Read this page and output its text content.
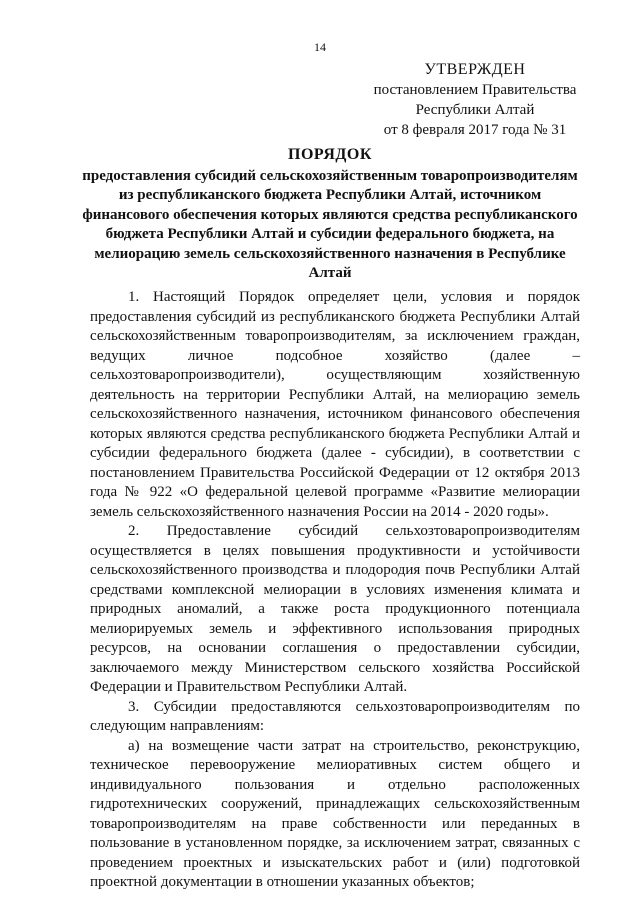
14
УТВЕРЖДЕН
постановлением Правительства
Республики Алтай
от 8 февраля 2017 года № 31
ПОРЯДОК
предоставления субсидий сельскохозяйственным товаропроизводителям из республиканского бюджета Республики Алтай, источником финансового обеспечения которых являются средства республиканского бюджета Республики Алтай и субсидии федерального бюджета, на мелиорацию земель сельскохозяйственного назначения в Республике Алтай

1. Настоящий Порядок определяет цели, условия и порядок предоставления субсидий из республиканского бюджета Республики Алтай сельскохозяйственным товаропроизводителям, за исключением граждан, ведущих личное подсобное хозяйство (далее – сельхозтоваропроизводители), осуществляющим хозяйственную деятельность на территории Республики Алтай, на мелиорацию земель сельскохозяйственного назначения, источником финансового обеспечения которых являются средства республиканского бюджета Республики Алтай и субсидии федерального бюджета (далее - субсидии), в соответствии с постановлением Правительства Российской Федерации от 12 октября 2013 года № 922 «О федеральной целевой программе «Развитие мелиорации земель сельскохозяйственного назначения России на 2014 - 2020 годы».

2. Предоставление субсидий сельхозтоваропроизводителям осуществляется в целях повышения продуктивности и устойчивости сельскохозяйственного производства и плодородия почв Республики Алтай средствами комплексной мелиорации в условиях изменения климата и природных аномалий, а также роста продукционного потенциала мелиорируемых земель и эффективного использования природных ресурсов, на основании соглашения о предоставлении субсидии, заключаемого между Министерством сельского хозяйства Российской Федерации и Правительством Республики Алтай.

3. Субсидии предоставляются сельхозтоваропроизводителям по следующим направлениям:

а) на возмещение части затрат на строительство, реконструкцию, техническое перевооружение мелиоративных систем общего и индивидуального пользования и отдельно расположенных гидротехнических сооружений, принадлежащих сельскохозяйственным товаропроизводителям на праве собственности или переданных в пользование в установленном порядке, за исключением затрат, связанных с проведением проектных и изыскательских работ и (или) подготовкой проектной документации в отношении указанных объектов;
